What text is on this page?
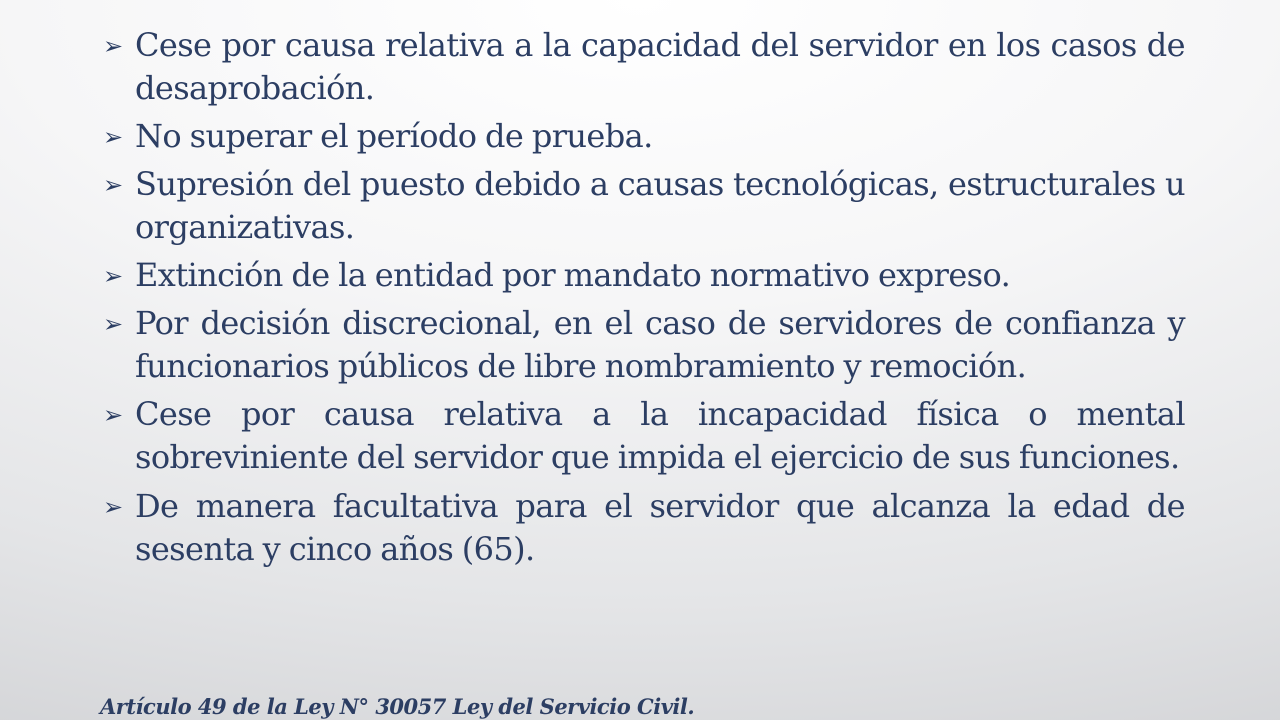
➢ Cese por causa relativa a la capacidad del servidor en los casos de desaprobación.
➢ No superar el período de prueba.
➢ Supresión del puesto debido a causas tecnológicas, estructurales u organizativas.
➢ Extinción de la entidad por mandato normativo expreso.
➢ Por decisión discrecional, en el caso de servidores de confianza y funcionarios públicos de libre nombramiento y remoción.
➢ Cese por causa relativa a la incapacidad física o mental sobreviniente del servidor que impida el ejercicio de sus funciones.
➢ De manera facultativa para el servidor que alcanza la edad de sesenta y cinco años (65).
Artículo 49 de la Ley N° 30057 Ley del Servicio Civil.
